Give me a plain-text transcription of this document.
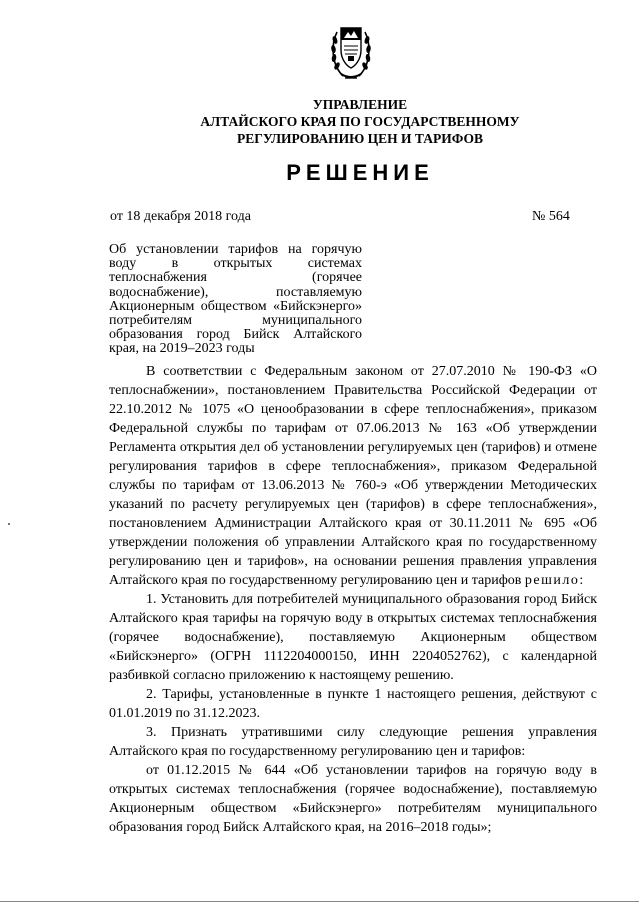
УПРАВЛЕНИЕ
АЛТАЙСКОГО КРАЯ ПО ГОСУДАРСТВЕННОМУ
РЕГУЛИРОВАНИЮ ЦЕН И ТАРИФОВ
РЕШЕНИЕ
от 18 декабря 2018 года	№ 564
Об установлении тарифов на горячую воду в открытых системах теплоснабжения (горячее водоснабжение), поставляемую Акционерным обществом «Бийскэнерго» потребителям муниципального образования город Бийск Алтайского края, на 2019–2023 годы

В соответствии с Федеральным законом от 27.07.2010 № 190-ФЗ «О теплоснабжении», постановлением Правительства Российской Федерации от 22.10.2012 № 1075 «О ценообразовании в сфере теплоснабжения», приказом Федеральной службы по тарифам от 07.06.2013 № 163 «Об утверждении Регламента открытия дел об установлении регулируемых цен (тарифов) и отмене регулирования тарифов в сфере теплоснабжения», приказом Федеральной службы по тарифам от 13.06.2013 № 760-э «Об утверждении Методических указаний по расчету регулируемых цен (тарифов) в сфере теплоснабжения», постановлением Администрации Алтайского края от 30.11.2011 № 695 «Об утверждении положения об управлении Алтайского края по государственному регулированию цен и тарифов», на основании решения правления управления Алтайского края по государственному регулированию цен и тарифов решило:

1. Установить для потребителей муниципального образования город Бийск Алтайского края тарифы на горячую воду в открытых системах теплоснабжения (горячее водоснабжение), поставляемую Акционерным обществом «Бийскэнерго» (ОГРН 1112204000150, ИНН 2204052762), с календарной разбивкой согласно приложению к настоящему решению.

2. Тарифы, установленные в пункте 1 настоящего решения, действуют с 01.01.2019 по 31.12.2023.

3. Признать утратившими силу следующие решения управления Алтайского края по государственному регулированию цен и тарифов:

от 01.12.2015 № 644 «Об установлении тарифов на горячую воду в открытых системах теплоснабжения (горячее водоснабжение), поставляемую Акционерным обществом «Бийскэнерго» потребителям муниципального образования город Бийск Алтайского края, на 2016–2018 годы»;
